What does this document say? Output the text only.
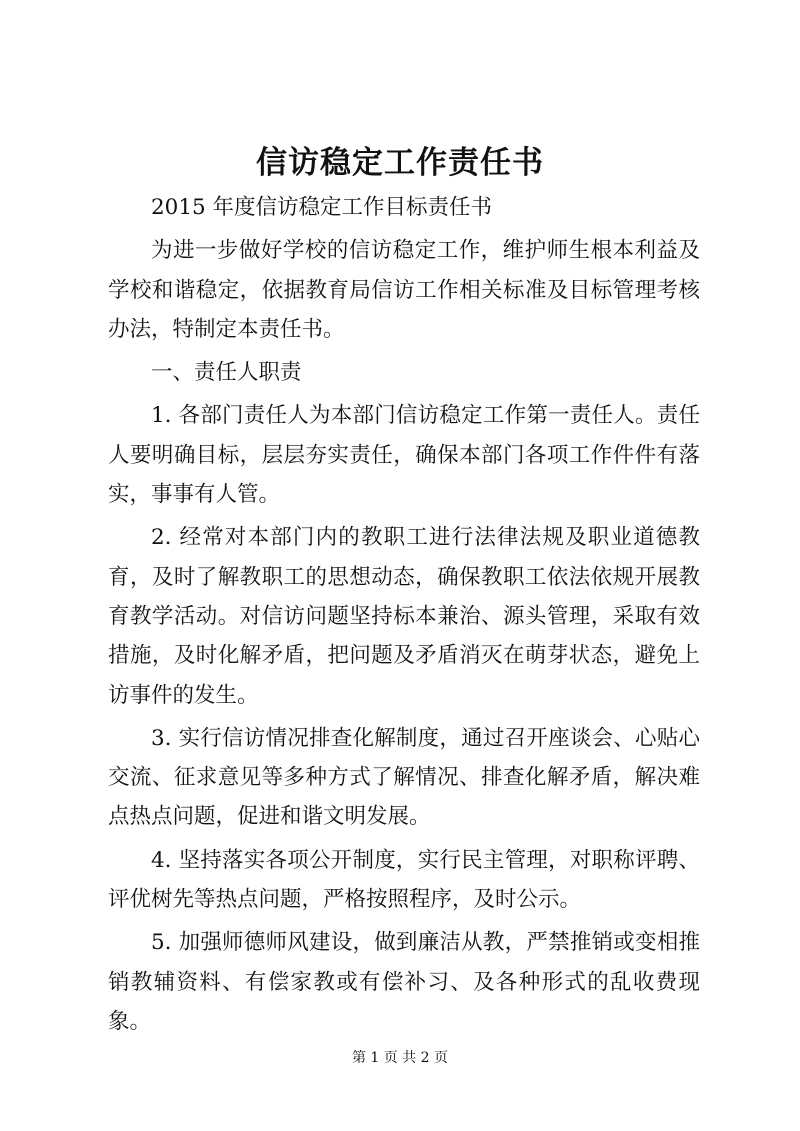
信访稳定工作责任书

2015 年度信访稳定工作目标责任书

为进一步做好学校的信访稳定工作，维护师生根本利益及学校和谐稳定，依据教育局信访工作相关标准及目标管理考核办法，特制定本责任书。

一、责任人职责

1. 各部门责任人为本部门信访稳定工作第一责任人。责任人要明确目标，层层夯实责任，确保本部门各项工作件件有落实，事事有人管。

2. 经常对本部门内的教职工进行法律法规及职业道德教育，及时了解教职工的思想动态，确保教职工依法依规开展教育教学活动。对信访问题坚持标本兼治、源头管理，采取有效措施，及时化解矛盾，把问题及矛盾消灭在萌芽状态，避免上访事件的发生。

3. 实行信访情况排查化解制度，通过召开座谈会、心贴心交流、征求意见等多种方式了解情况、排查化解矛盾，解决难点热点问题，促进和谐文明发展。

4. 坚持落实各项公开制度，实行民主管理，对职称评聘、评优树先等热点问题，严格按照程序，及时公示。

5. 加强师德师风建设，做到廉洁从教，严禁推销或变相推销教辅资料、有偿家教或有偿补习、及各种形式的乱收费现象。

第 1 页 共 2 页
